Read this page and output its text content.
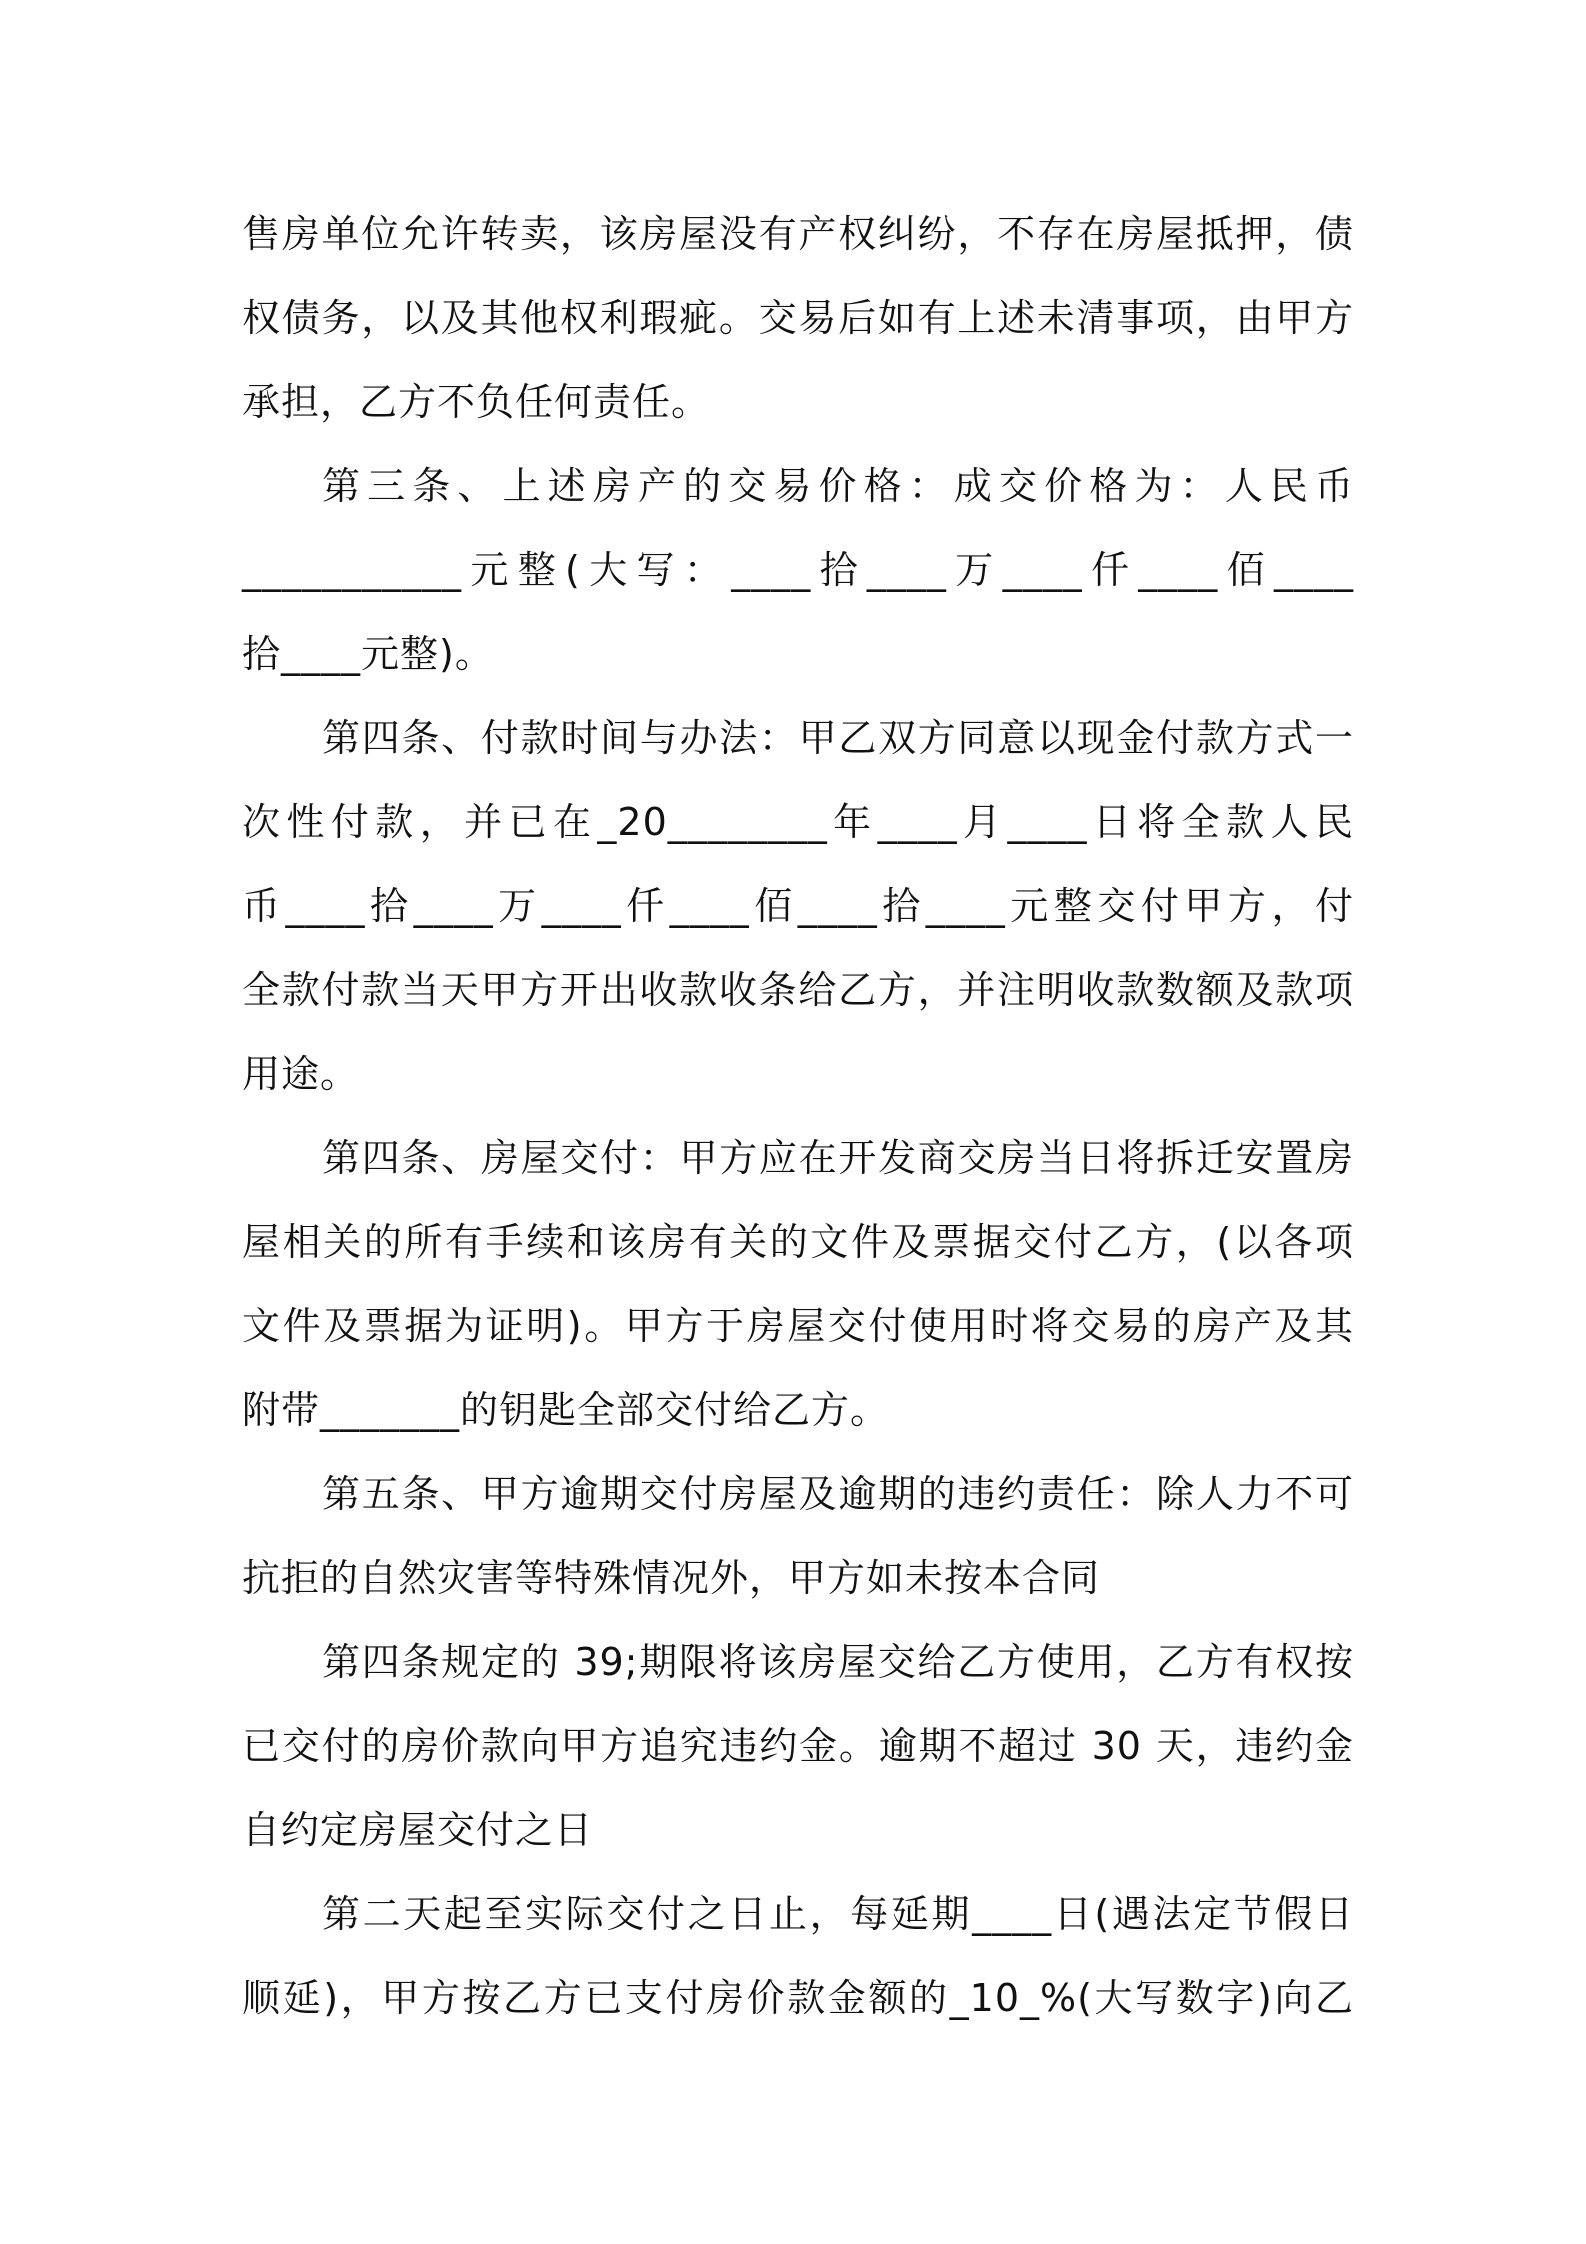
售房单位允许转卖，该房屋没有产权纠纷，不存在房屋抵押，债
权债务，以及其他权利瑕疵。交易后如有上述未清事项，由甲方
承担，乙方不负任何责任。
第三条、上述房产的交易价格：成交价格为：人民币
___________元整(大写：____拾____万____仟____佰____
拾____元整)。
第四条、付款时间与办法：甲乙双方同意以现金付款方式一
次性付款，并已在_20________年____月____日将全款人民
币____拾____万____仟____佰____拾____元整交付甲方，付
全款付款当天甲方开出收款收条给乙方，并注明收款数额及款项
用途。
第四条、房屋交付：甲方应在开发商交房当日将拆迁安置房
屋相关的所有手续和该房有关的文件及票据交付乙方，(以各项
文件及票据为证明)。甲方于房屋交付使用时将交易的房产及其
附带_______的钥匙全部交付给乙方。
第五条、甲方逾期交付房屋及逾期的违约责任：除人力不可
抗拒的自然灾害等特殊情况外，甲方如未按本合同
第四条规定的 39;期限将该房屋交给乙方使用，乙方有权按
已交付的房价款向甲方追究违约金。逾期不超过 30 天，违约金
自约定房屋交付之日
第二天起至实际交付之日止，每延期____日(遇法定节假日
顺延)，甲方按乙方已支付房价款金额的_10_%(大写数字)向乙
